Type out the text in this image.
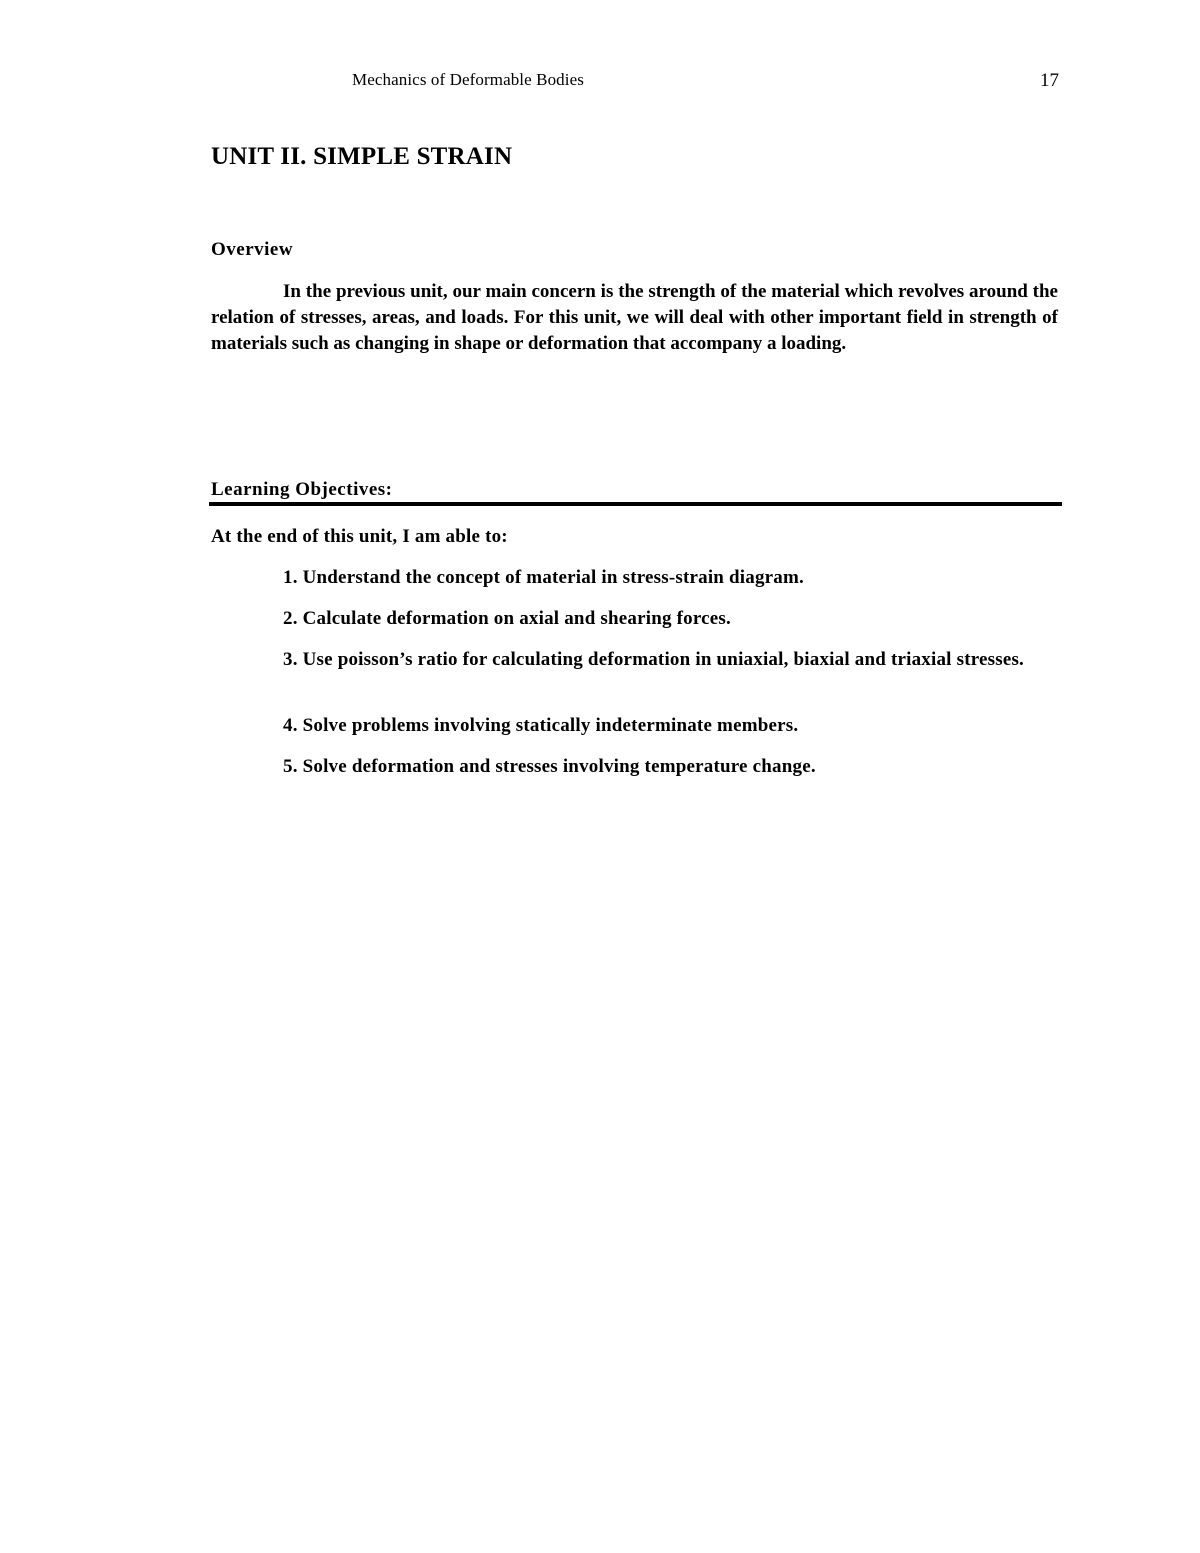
Mechanics of Deformable Bodies	17
UNIT II. SIMPLE STRAIN
Overview

In the previous unit, our main concern is the strength of the material which revolves around the relation of stresses, areas, and loads. For this unit, we will deal with other important field in strength of materials such as changing in shape or deformation that accompany a loading.

Learning Objectives:

At the end of this unit, I am able to:

1. Understand the concept of material in stress-strain diagram.
2. Calculate deformation on axial and shearing forces.
3. Use poisson’s ratio for calculating deformation in uniaxial, biaxial and triaxial stresses.
4. Solve problems involving statically indeterminate members.
5. Solve deformation and stresses involving temperature change.
